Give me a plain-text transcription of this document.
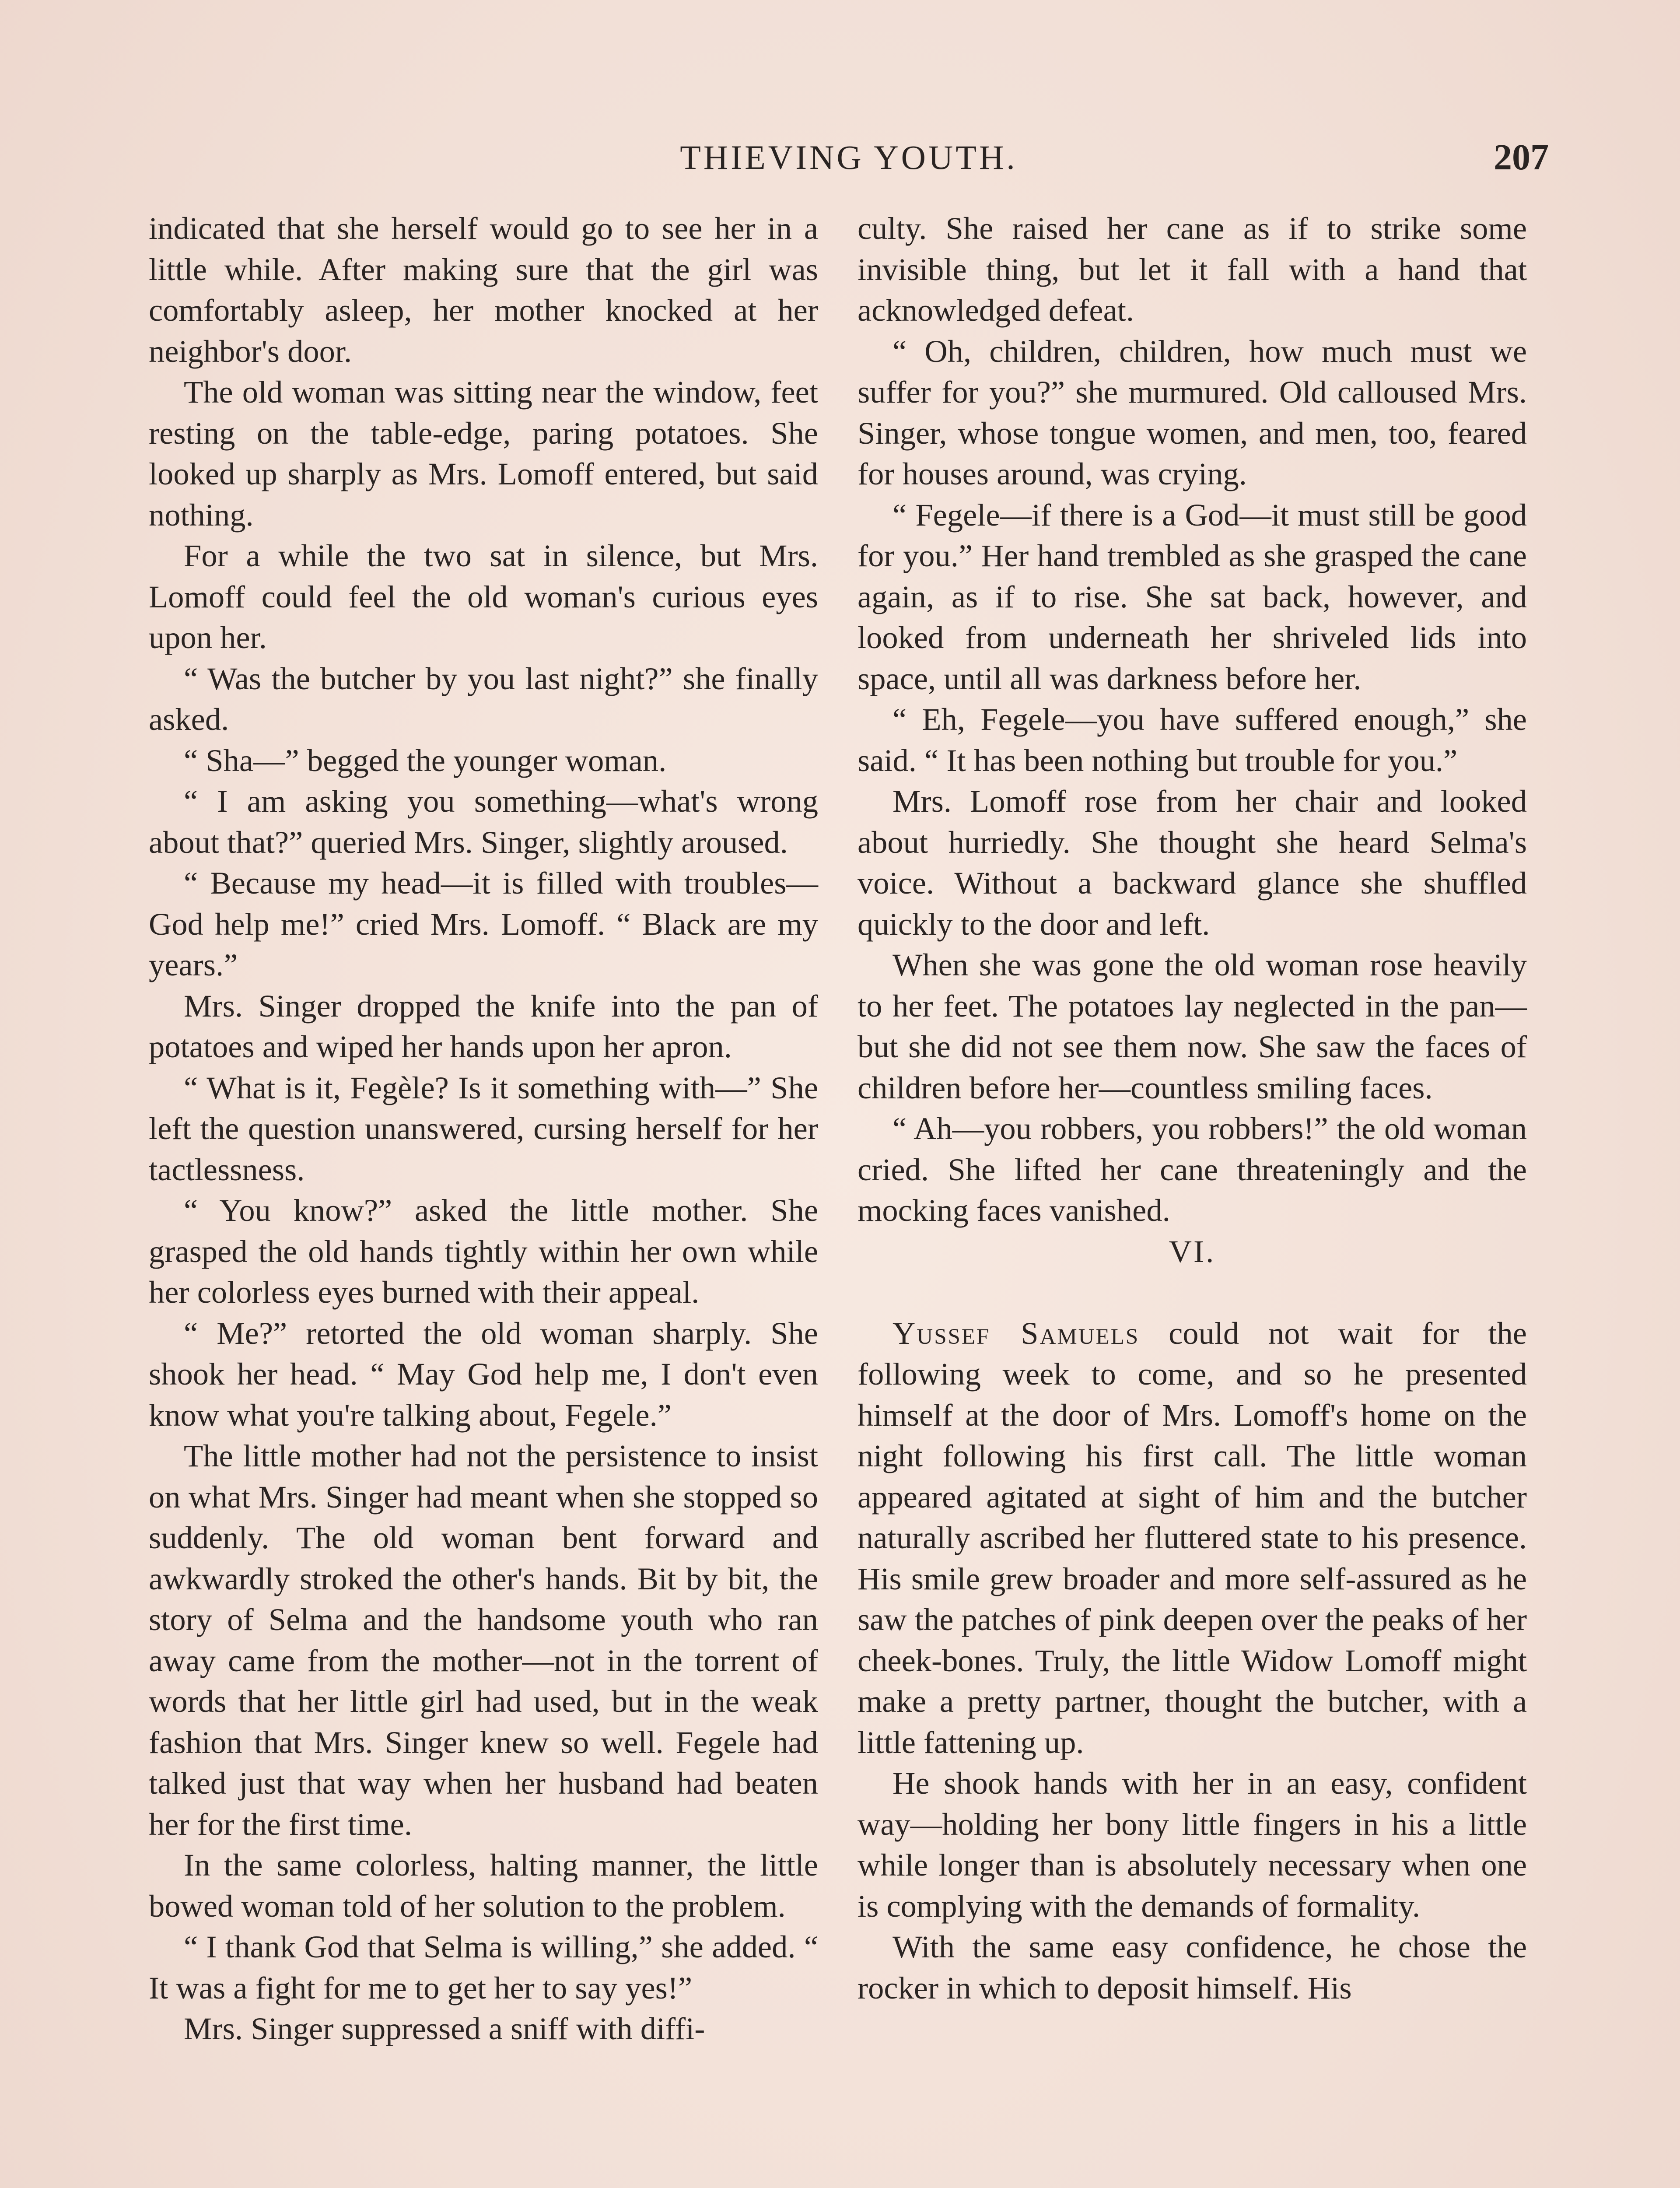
THIEVING YOUTH.	207

indicated that she herself would go to see her in a little while. After making sure that the girl was comfortably asleep, her mother knocked at her neighbor's door.

The old woman was sitting near the window, feet resting on the table-edge, paring potatoes. She looked up sharply as Mrs. Lomoff entered, but said nothing.

For a while the two sat in silence, but Mrs. Lomoff could feel the old woman's curious eyes upon her.

“ Was the butcher by you last night?” she finally asked.

“ Sha—” begged the younger woman.

“ I am asking you something—what's wrong about that?” queried Mrs. Singer, slightly aroused.

“ Because my head—it is filled with troubles—God help me!” cried Mrs. Lomoff. “ Black are my years.”

Mrs. Singer dropped the knife into the pan of potatoes and wiped her hands upon her apron.

“ What is it, Fegèle? Is it something with—” She left the question unanswered, cursing herself for her tactlessness.

“ You know?” asked the little mother. She grasped the old hands tightly within her own while her colorless eyes burned with their appeal.

“ Me?” retorted the old woman sharply. She shook her head. “ May God help me, I don't even know what you're talking about, Fegele.”

The little mother had not the persistence to insist on what Mrs. Singer had meant when she stopped so suddenly. The old woman bent forward and awkwardly stroked the other's hands. Bit by bit, the story of Selma and the handsome youth who ran away came from the mother—not in the torrent of words that her little girl had used, but in the weak fashion that Mrs. Singer knew so well. Fegele had talked just that way when her husband had beaten her for the first time.

In the same colorless, halting manner, the little bowed woman told of her solution to the problem.

“ I thank God that Selma is willing,” she added. “ It was a fight for me to get her to say yes!”

Mrs. Singer suppressed a sniff with diffi-

culty. She raised her cane as if to strike some invisible thing, but let it fall with a hand that acknowledged defeat.

“ Oh, children, children, how much must we suffer for you?” she murmured. Old calloused Mrs. Singer, whose tongue women, and men, too, feared for houses around, was crying.

“ Fegele—if there is a God—it must still be good for you.” Her hand trembled as she grasped the cane again, as if to rise. She sat back, however, and looked from underneath her shriveled lids into space, until all was darkness before her.

“ Eh, Fegele—you have suffered enough,” she said. “ It has been nothing but trouble for you.”

Mrs. Lomoff rose from her chair and looked about hurriedly. She thought she heard Selma's voice. Without a backward glance she shuffled quickly to the door and left.

When she was gone the old woman rose heavily to her feet. The potatoes lay neglected in the pan—but she did not see them now. She saw the faces of children before her—countless smiling faces.

“ Ah—you robbers, you robbers!” the old woman cried. She lifted her cane threateningly and the mocking faces vanished.

VI.

Yussef Samuels could not wait for the following week to come, and so he presented himself at the door of Mrs. Lomoff's home on the night following his first call. The little woman appeared agitated at sight of him and the butcher naturally ascribed her fluttered state to his presence. His smile grew broader and more self-assured as he saw the patches of pink deepen over the peaks of her cheek-bones. Truly, the little Widow Lomoff might make a pretty partner, thought the butcher, with a little fattening up.

He shook hands with her in an easy, confident way—holding her bony little fingers in his a little while longer than is absolutely necessary when one is complying with the demands of formality.

With the same easy confidence, he chose the rocker in which to deposit himself. His
